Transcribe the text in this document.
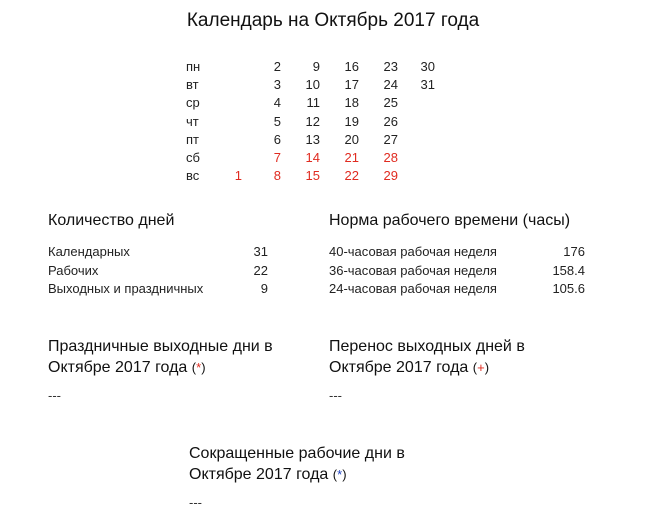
Календарь на Октябрь 2017 года
пн		2	9	16	23	30
вт		3	10	17	24	31
ср		4	11	18	25	
чт		5	12	19	26	
пт		6	13	20	27	
сб		7	14	21	28	
вс	1	8	15	22	29	
Количество дней
Календарных	31
Рабочих	22
Выходных и праздничных	9
Норма рабочего времени (часы)
40-часовая рабочая неделя	176
36-часовая рабочая неделя	158.4
24-часовая рабочая неделя	105.6
Праздничные выходные дни в
Октябре 2017 года (*)
---
Перенос выходных дней в
Октябре 2017 года (+)
---
Сокращенные рабочие дни в
Октябре 2017 года (*)
---
